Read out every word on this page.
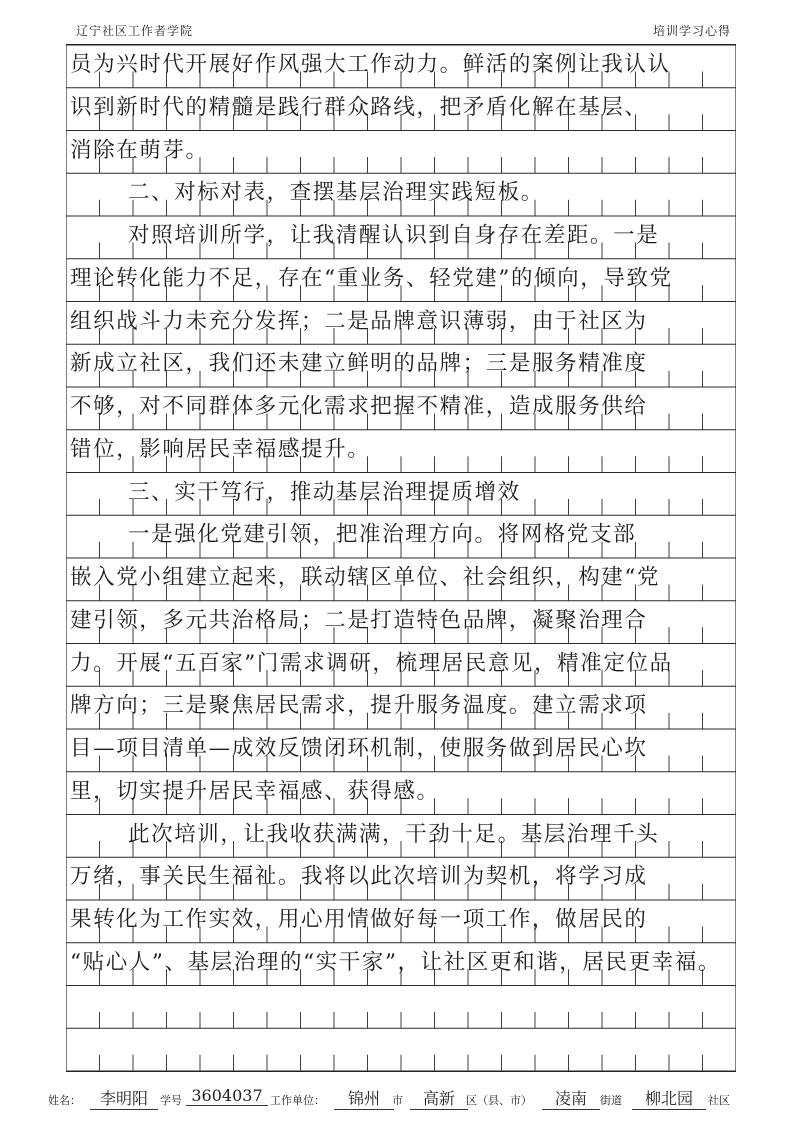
辽宁社区工作者学院	培训学习心得
员为兴时代开展好作风强大工作动力。鲜活的案例让我认认
识到新时代的精髓是践行群众路线，把矛盾化解在基层、
消除在萌芽。
二、对标对表，查摆基层治理实践短板。
对照培训所学，让我清醒认识到自身存在差距。一是
理论转化能力不足，存在“重业务、轻党建”的倾向，导致党
组织战斗力未充分发挥；二是品牌意识薄弱，由于社区为
新成立社区，我们还未建立鲜明的品牌；三是服务精准度
不够，对不同群体多元化需求把握不精准，造成服务供给
错位，影响居民幸福感提升。
三、实干笃行，推动基层治理提质增效
一是强化党建引领，把准治理方向。将网格党支部
嵌入党小组建立起来，联动辖区单位、社会组织，构建“党
建引领，多元共治格局；二是打造特色品牌，凝聚治理合
力。开展“五百家”门需求调研，梳理居民意见，精准定位品
牌方向；三是聚焦居民需求，提升服务温度。建立需求项
目—项目清单—成效反馈闭环机制，使服务做到居民心坎
里，切实提升居民幸福感、获得感。
此次培训，让我收获满满，干劲十足。基层治理千头
万绪，事关民生福祉。我将以此次培训为契机，将学习成
果转化为工作实效，用心用情做好每一项工作，做居民的
“贴心人”、基层治理的“实干家”，让社区更和谐，居民更幸福。
姓名：	李明阳	学号 3604037 工作单位：	锦州	市	高新	区（县、市）	凌南	街道	柳北园	社区
